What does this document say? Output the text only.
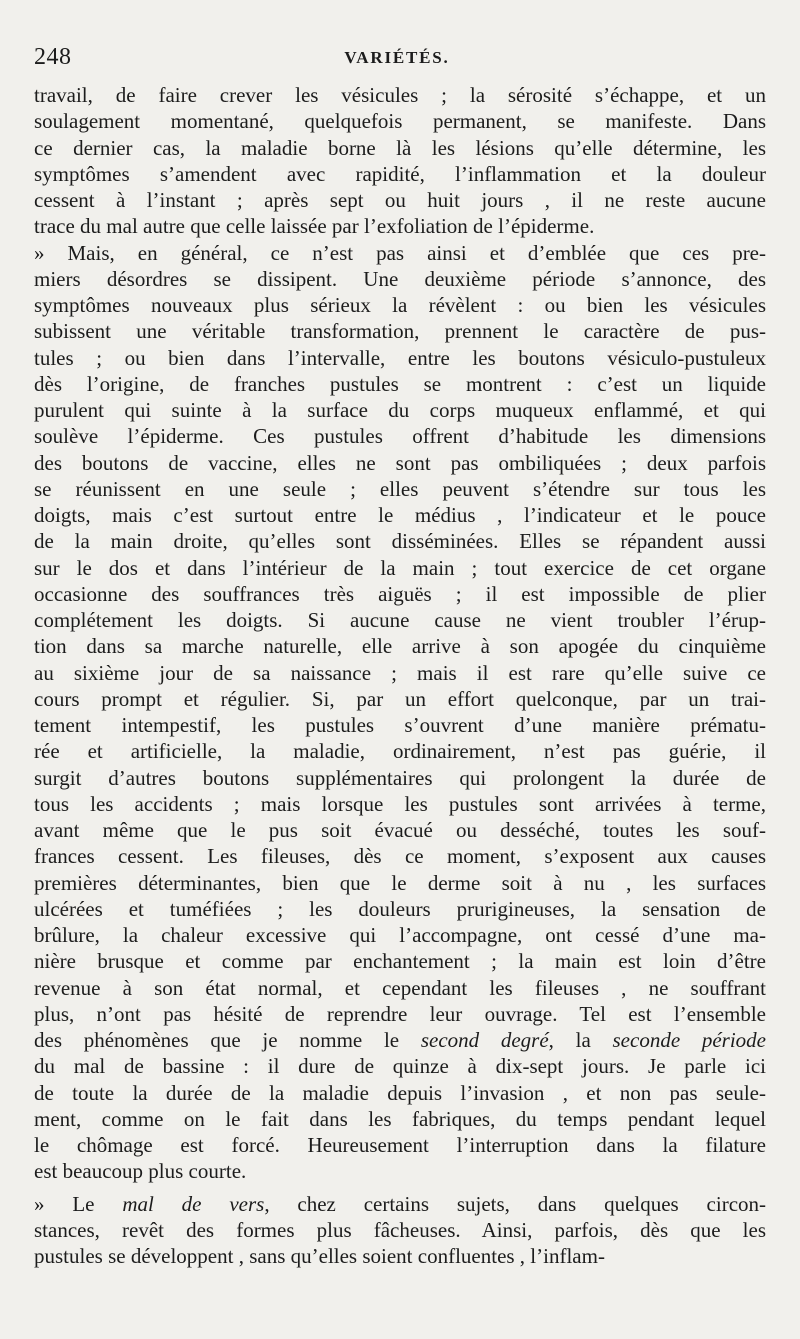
248	VARIÉTÉS.
travail, de faire crever les vésicules ; la sérosité s’échappe, et un
soulagement momentané, quelquefois permanent, se manifeste. Dans
ce dernier cas, la maladie borne là les lésions qu’elle détermine, les
symptômes s’amendent avec rapidité, l’inflammation et la douleur
cessent à l’instant ; après sept ou huit jours , il ne reste aucune
trace du mal autre que celle laissée par l’exfoliation de l’épiderme.
» Mais, en général, ce n’est pas ainsi et d’emblée que ces pre-
miers désordres se dissipent. Une deuxième période s’annonce, des
symptômes nouveaux plus sérieux la révèlent : ou bien les vésicules
subissent une véritable transformation, prennent le caractère de pus-
tules ; ou bien dans l’intervalle, entre les boutons vésiculo-pustuleux
dès l’origine, de franches pustules se montrent : c’est un liquide
purulent qui suinte à la surface du corps muqueux enflammé, et qui
soulève l’épiderme. Ces pustules offrent d’habitude les dimensions
des boutons de vaccine, elles ne sont pas ombiliquées ; deux parfois
se réunissent en une seule ; elles peuvent s’étendre sur tous les
doigts, mais c’est surtout entre le médius , l’indicateur et le pouce
de la main droite, qu’elles sont disséminées. Elles se répandent aussi
sur le dos et dans l’intérieur de la main ; tout exercice de cet organe
occasionne des souffrances très aiguës ; il est impossible de plier
complétement les doigts. Si aucune cause ne vient troubler l’érup-
tion dans sa marche naturelle, elle arrive à son apogée du cinquième
au sixième jour de sa naissance ; mais il est rare qu’elle suive ce
cours prompt et régulier. Si, par un effort quelconque, par un trai-
tement intempestif, les pustules s’ouvrent d’une manière prématu-
rée et artificielle, la maladie, ordinairement, n’est pas guérie, il
surgit d’autres boutons supplémentaires qui prolongent la durée de
tous les accidents ; mais lorsque les pustules sont arrivées à terme,
avant même que le pus soit évacué ou desséché, toutes les souf-
frances cessent. Les fileuses, dès ce moment, s’exposent aux causes
premières déterminantes, bien que le derme soit à nu , les surfaces
ulcérées et tuméfiées ; les douleurs prurigineuses, la sensation de
brûlure, la chaleur excessive qui l’accompagne, ont cessé d’une ma-
nière brusque et comme par enchantement ; la main est loin d’être
revenue à son état normal, et cependant les fileuses , ne souffrant
plus, n’ont pas hésité de reprendre leur ouvrage. Tel est l’ensemble
des phénomènes que je nomme le second degré, la seconde période
du mal de bassine : il dure de quinze à dix-sept jours. Je parle ici
de toute la durée de la maladie depuis l’invasion , et non pas seule-
ment, comme on le fait dans les fabriques, du temps pendant lequel
le chômage est forcé. Heureusement l’interruption dans la filature
est beaucoup plus courte.
» Le mal de vers, chez certains sujets, dans quelques circon-
stances, revêt des formes plus fâcheuses. Ainsi, parfois, dès que les
pustules se développent , sans qu’elles soient confluentes , l’inflam-
